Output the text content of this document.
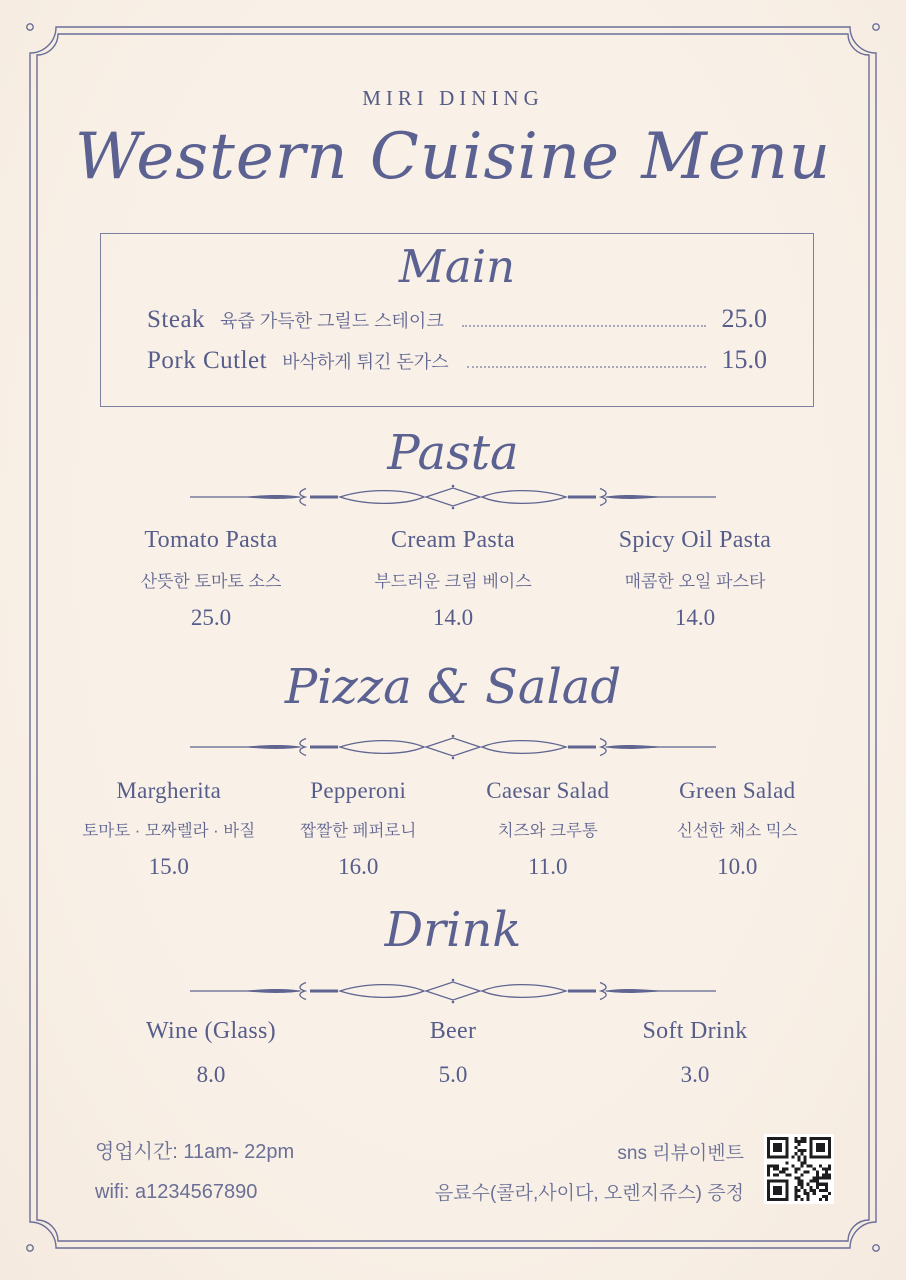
MIRI DINING
Western Cuisine Menu
Main
Steak 육즙 가득한 그릴드 스테이크	25.0
Pork Cutlet 바삭하게 튀긴 돈가스	15.0
Pasta
Tomato Pasta
산뜻한 토마토 소스
25.0
Cream Pasta
부드러운 크림 베이스
14.0
Spicy Oil Pasta
매콤한 오일 파스타
14.0
Pizza & Salad
Margherita
토마토 · 모짜렐라 · 바질
15.0
Pepperoni
짭짤한 페퍼로니
16.0
Caesar Salad
치즈와 크루통
11.0
Green Salad
신선한 채소 믹스
10.0
Drink
Wine (Glass)
8.0
Beer
5.0
Soft Drink
3.0
영업시간: 11am- 22pm
wifi: a1234567890
sns 리뷰이벤트
음료수(콜라,사이다, 오렌지쥬스) 증정
